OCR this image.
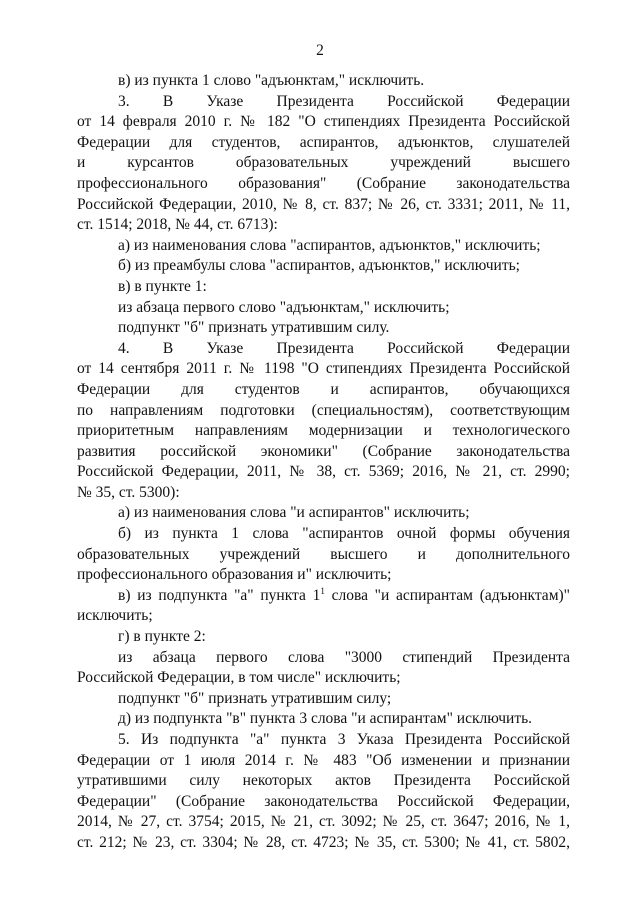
2
в) из пункта 1 слово "адъюнктам," исключить.
3. В Указе Президента Российской Федерации
от 14 февраля 2010 г. № 182 "О стипендиях Президента Российской
Федерации для студентов, аспирантов, адъюнктов, слушателей
и курсантов образовательных учреждений высшего
профессионального образования" (Собрание законодательства
Российской Федерации, 2010, № 8, ст. 837; № 26, ст. 3331; 2011, № 11,
ст. 1514; 2018, № 44, ст. 6713):
а) из наименования слова "аспирантов, адъюнктов," исключить;
б) из преамбулы слова "аспирантов, адъюнктов," исключить;
в) в пункте 1:
из абзаца первого слово "адъюнктам," исключить;
подпункт "б" признать утратившим силу.
4. В Указе Президента Российской Федерации
от 14 сентября 2011 г. № 1198 "О стипендиях Президента Российской
Федерации для студентов и аспирантов, обучающихся
по направлениям подготовки (специальностям), соответствующим
приоритетным направлениям модернизации и технологического
развития российской экономики" (Собрание законодательства
Российской Федерации, 2011, № 38, ст. 5369; 2016, № 21, ст. 2990;
№ 35, ст. 5300):
а) из наименования слова "и аспирантов" исключить;
б) из пункта 1 слова "аспирантов очной формы обучения
образовательных учреждений высшего и дополнительного
профессионального образования и" исключить;
в) из подпункта "а" пункта $1^1$ слова "и аспирантам (адъюнктам)"
исключить;
г) в пункте 2:
из абзаца первого слова "3000 стипендий Президента
Российской Федерации, в том числе" исключить;
подпункт "б" признать утратившим силу;
д) из подпункта "в" пункта 3 слова "и аспирантам" исключить.
5. Из подпункта "а" пункта 3 Указа Президента Российской
Федерации от 1 июля 2014 г. № 483 "Об изменении и признании
утратившими силу некоторых актов Президента Российской
Федерации" (Собрание законодательства Российской Федерации,
2014, № 27, ст. 3754; 2015, № 21, ст. 3092; № 25, ст. 3647; 2016, № 1,
ст. 212; № 23, ст. 3304; № 28, ст. 4723; № 35, ст. 5300; № 41, ст. 5802,
